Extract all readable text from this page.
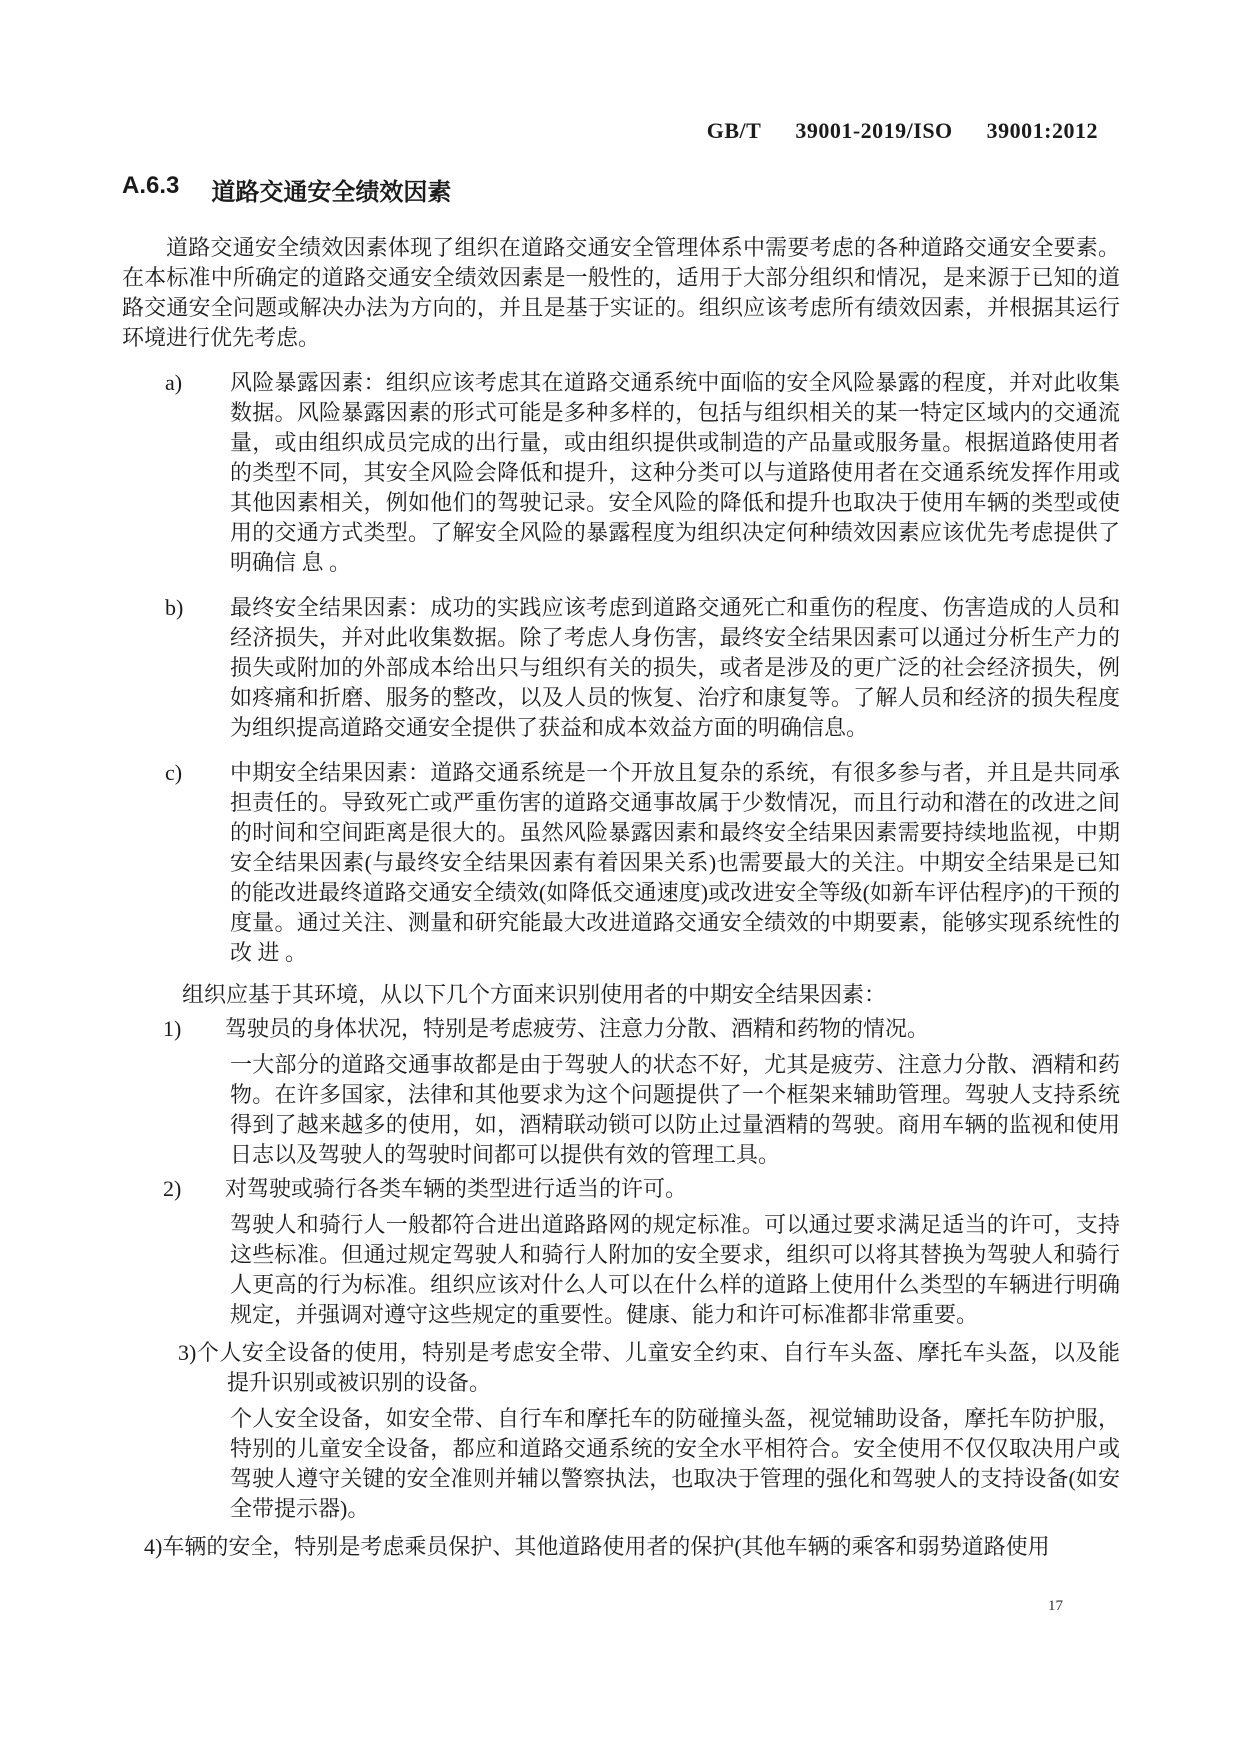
GB/T 39001-2019/ISO 39001:2012
A.6.3 道路交通安全绩效因素

道路交通安全绩效因素体现了组织在道路交通安全管理体系中需要考虑的各种道路交通安全要素。在本标准中所确定的道路交通安全绩效因素是一般性的，适用于大部分组织和情况，是来源于已知的道路交通安全问题或解决办法为方向的，并且是基于实证的。组织应该考虑所有绩效因素，并根据其运行环境进行优先考虑。

a) 风险暴露因素：组织应该考虑其在道路交通系统中面临的安全风险暴露的程度，并对此收集数据。风险暴露因素的形式可能是多种多样的，包括与组织相关的某一特定区域内的交通流量，或由组织成员完成的出行量，或由组织提供或制造的产品量或服务量。根据道路使用者的类型不同，其安全风险会降低和提升，这种分类可以与道路使用者在交通系统发挥作用或其他因素相关，例如他们的驾驶记录。安全风险的降低和提升也取决于使用车辆的类型或使用的交通方式类型。了解安全风险的暴露程度为组织决定何种绩效因素应该优先考虑提供了明确信 息 。
b) 最终安全结果因素：成功的实践应该考虑到道路交通死亡和重伤的程度、伤害造成的人员和经济损失，并对此收集数据。除了考虑人身伤害，最终安全结果因素可以通过分析生产力的损失或附加的外部成本给出只与组织有关的损失，或者是涉及的更广泛的社会经济损失，例如疼痛和折磨、服务的整改，以及人员的恢复、治疗和康复等。了解人员和经济的损失程度为组织提高道路交通安全提供了获益和成本效益方面的明确信息。
c) 中期安全结果因素：道路交通系统是一个开放且复杂的系统，有很多参与者，并且是共同承担责任的。导致死亡或严重伤害的道路交通事故属于少数情况，而且行动和潜在的改进之间的时间和空间距离是很大的。虽然风险暴露因素和最终安全结果因素需要持续地监视，中期安全结果因素(与最终安全结果因素有着因果关系)也需要最大的关注。中期安全结果是已知的能改进最终道路交通安全绩效(如降低交通速度)或改进安全等级(如新车评估程序)的干预的度量。通过关注、测量和研究能最大改进道路交通安全绩效的中期要素，能够实现系统性的改 进 。

组织应基于其环境，从以下几个方面来识别使用者的中期安全结果因素：

1) 驾驶员的身体状况，特别是考虑疲劳、注意力分散、酒精和药物的情况。

一大部分的道路交通事故都是由于驾驶人的状态不好，尤其是疲劳、注意力分散、酒精和药物。在许多国家，法律和其他要求为这个问题提供了一个框架来辅助管理。驾驶人支持系统得到了越来越多的使用，如，酒精联动锁可以防止过量酒精的驾驶。商用车辆的监视和使用日志以及驾驶人的驾驶时间都可以提供有效的管理工具。

2) 对驾驶或骑行各类车辆的类型进行适当的许可。

驾驶人和骑行人一般都符合进出道路路网的规定标准。可以通过要求满足适当的许可，支持这些标准。但通过规定驾驶人和骑行人附加的安全要求，组织可以将其替换为驾驶人和骑行人更高的行为标准。组织应该对什么人可以在什么样的道路上使用什么类型的车辆进行明确规定，并强调对遵守这些规定的重要性。健康、能力和许可标准都非常重要。

3)个人安全设备的使用，特别是考虑安全带、儿童安全约束、自行车头盔、摩托车头盔，以及能提升识别或被识别的设备。

个人安全设备，如安全带、自行车和摩托车的防碰撞头盔，视觉辅助设备，摩托车防护服，特别的儿童安全设备，都应和道路交通系统的安全水平相符合。安全使用不仅仅取决用户或驾驶人遵守关键的安全准则并辅以警察执法，也取决于管理的强化和驾驶人的支持设备(如安全带提示器)。

4)车辆的安全，特别是考虑乘员保护、其他道路使用者的保护(其他车辆的乘客和弱势道路使用
17
